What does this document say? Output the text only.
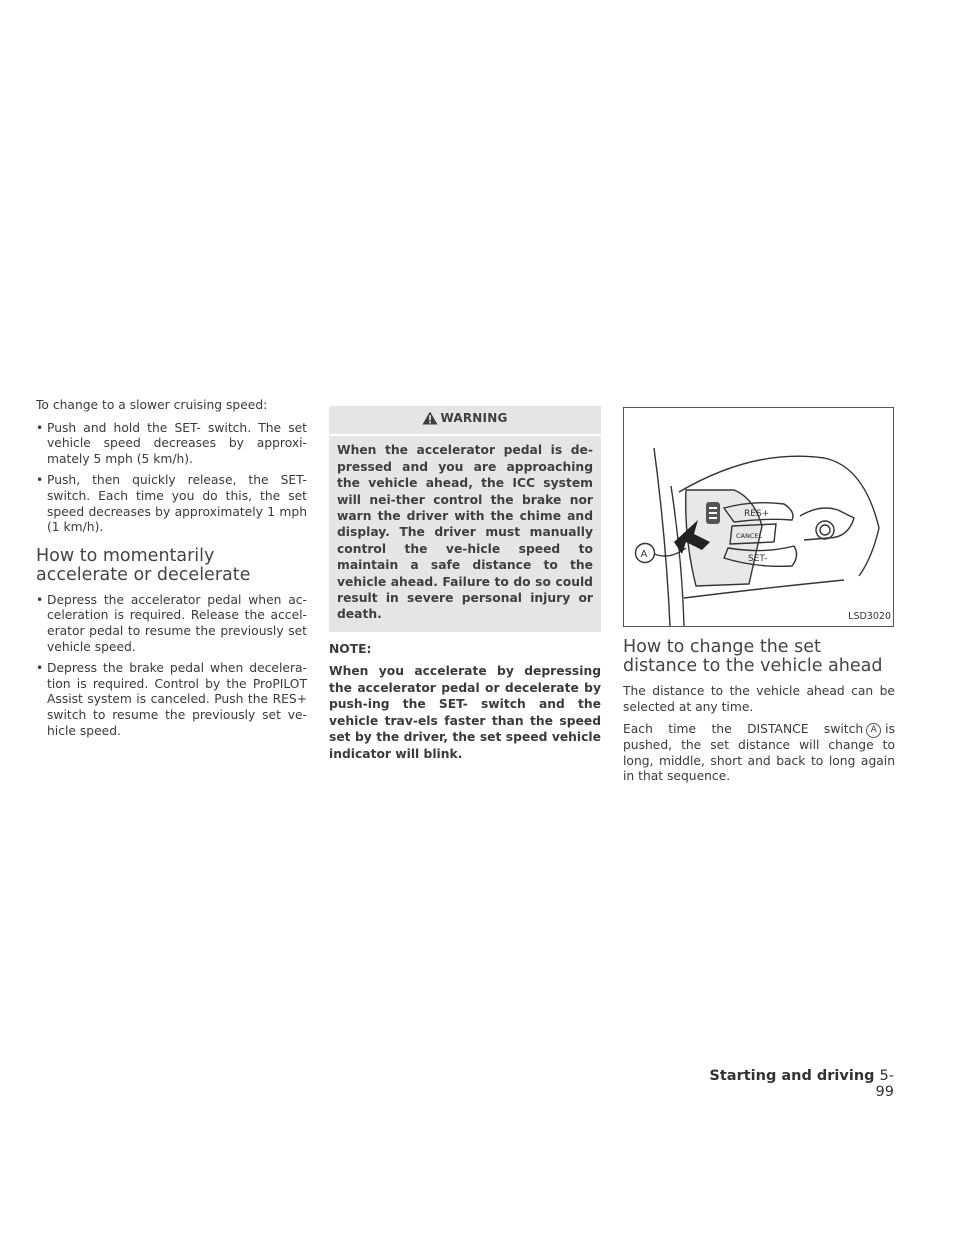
To change to a slower cruising speed:

• Push and hold the SET- switch. The set vehicle speed decreases by approxi-mately 5 mph (5 km/h).
• Push, then quickly release, the SET-switch. Each time you do this, the set speed decreases by approximately 1 mph (1 km/h).
How to momentarily accelerate or decelerate
• Depress the accelerator pedal when ac-celeration is required. Release the accel-erator pedal to resume the previously set vehicle speed.
• Depress the brake pedal when decelera-tion is required. Control by the ProPILOT Assist system is canceled. Push the RES+ switch to resume the previously set ve-hicle speed.
WARNING
When the accelerator pedal is de-pressed and you are approaching the vehicle ahead, the ICC system will nei-ther control the brake nor warn the driver with the chime and display. The driver must manually control the ve-hicle speed to maintain a safe distance to the vehicle ahead. Failure to do so could result in severe personal injury or death.
NOTE:
When you accelerate by depressing the accelerator pedal or decelerate by push-ing the SET- switch and the vehicle trav-els faster than the speed set by the driver, the set speed vehicle indicator will blink.
RES+
CANCEL
SET-
A
LSD3020
How to change the set distance to the vehicle ahead

The distance to the vehicle ahead can be selected at any time.

Each time the DISTANCE switch A is pushed, the set distance will change to long, middle, short and back to long again in that sequence.

Starting and driving 5-99
